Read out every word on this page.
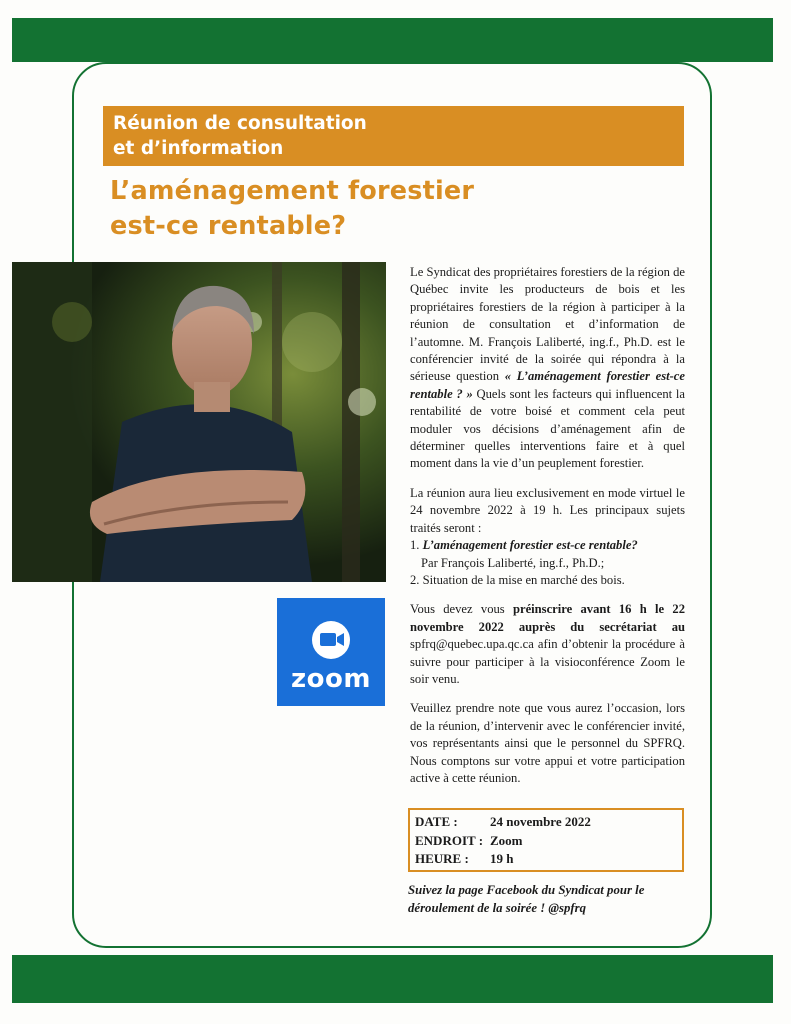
Réunion de consultation
et d’information
L’aménagement forestier
est-ce rentable?
zoom

Le Syndicat des propriétaires forestiers de la région de Québec invite les producteurs de bois et les propriétaires forestiers de la région à participer à la réunion de consultation et d’information de l’automne. M. François Laliberté, ing.f., Ph.D. est le conférencier invité de la soirée qui répondra à la sérieuse question « L’aménagement forestier est-ce rentable ? » Quels sont les facteurs qui influencent la rentabilité de votre boisé et comment cela peut moduler vos décisions d’aménagement afin de déterminer quelles interventions faire et à quel moment dans la vie d’un peuplement forestier.

La réunion aura lieu exclusivement en mode virtuel le 24 novembre 2022 à 19 h. Les principaux sujets traités seront :

1. L’aménagement forestier est-ce rentable?
Par François Laliberté, ing.f., Ph.D.;
2. Situation de la mise en marché des bois.

Vous devez vous préinscrire avant 16 h le 22 novembre 2022 auprès du secrétariat au spfrq@quebec.upa.qc.ca afin d’obtenir la procédure à suivre pour participer à la visioconférence Zoom le soir venu.

Veuillez prendre note que vous aurez l’occasion, lors de la réunion, d’intervenir avec le conférencier invité, vos représentants ainsi que le personnel du SPFRQ. Nous comptons sur votre appui et votre participation active à cette réunion.

DATE :	24 novembre 2022
ENDROIT : Zoom
HEURE :	19 h
Suivez la page Facebook du Syndicat pour le déroulement de la soirée ! @spfrq
